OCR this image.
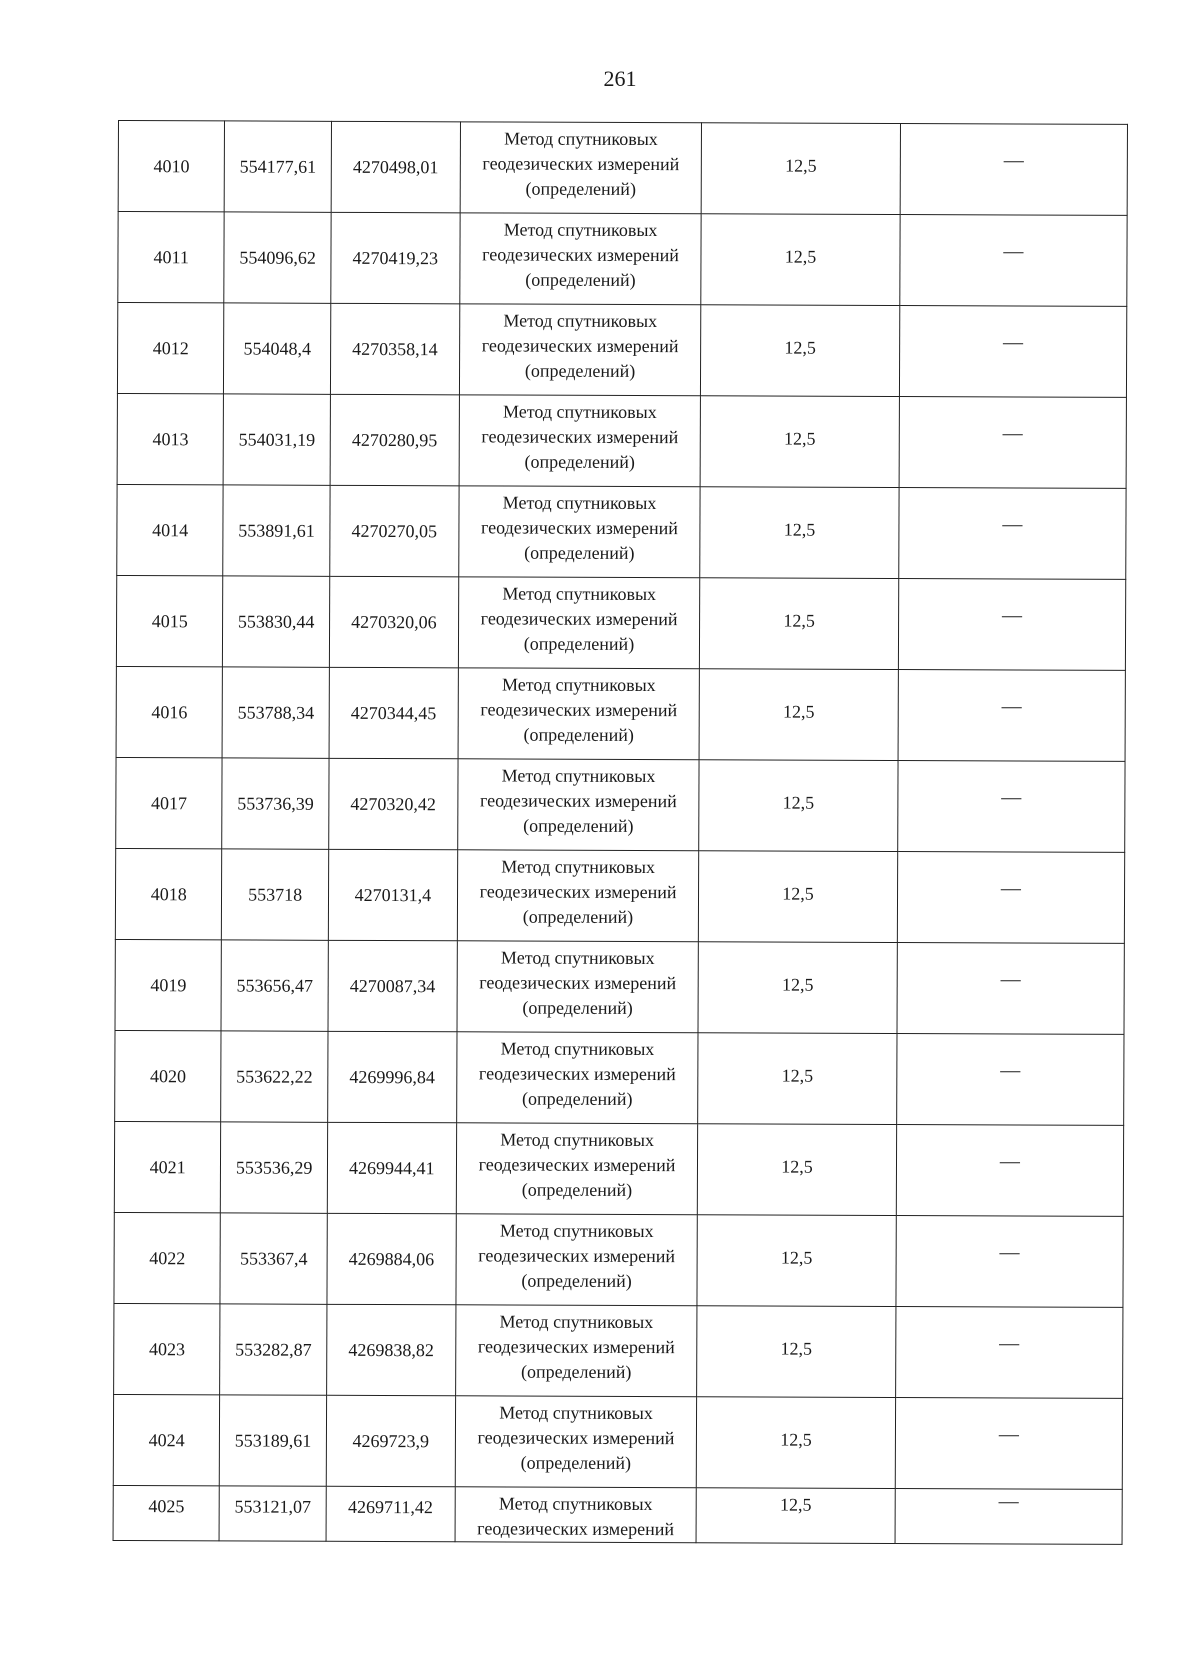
261
4010	554177,61	4270498,01	Метод спутниковых
геодезических измерений
(определений)	12,5	—
4011	554096,62	4270419,23	Метод спутниковых
геодезических измерений
(определений)	12,5	—
4012	554048,4	4270358,14	Метод спутниковых
геодезических измерений
(определений)	12,5	—
4013	554031,19	4270280,95	Метод спутниковых
геодезических измерений
(определений)	12,5	—
4014	553891,61	4270270,05	Метод спутниковых
геодезических измерений
(определений)	12,5	—
4015	553830,44	4270320,06	Метод спутниковых
геодезических измерений
(определений)	12,5	—
4016	553788,34	4270344,45	Метод спутниковых
геодезических измерений
(определений)	12,5	—
4017	553736,39	4270320,42	Метод спутниковых
геодезических измерений
(определений)	12,5	—
4018	553718	4270131,4	Метод спутниковых
геодезических измерений
(определений)	12,5	—
4019	553656,47	4270087,34	Метод спутниковых
геодезических измерений
(определений)	12,5	—
4020	553622,22	4269996,84	Метод спутниковых
геодезических измерений
(определений)	12,5	—
4021	553536,29	4269944,41	Метод спутниковых
геодезических измерений
(определений)	12,5	—
4022	553367,4	4269884,06	Метод спутниковых
геодезических измерений
(определений)	12,5	—
4023	553282,87	4269838,82	Метод спутниковых
геодезических измерений
(определений)	12,5	—
4024	553189,61	4269723,9	Метод спутниковых
геодезических измерений
(определений)	12,5	—
4025	553121,07	4269711,42	Метод спутниковых
геодезических измерений	12,5	—
